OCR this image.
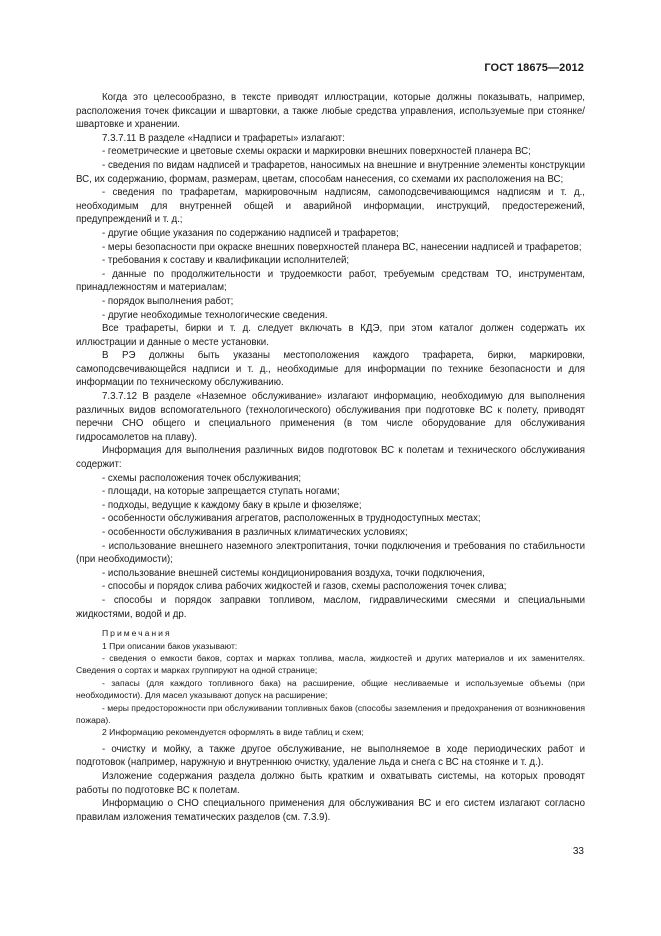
ГОСТ 18675—2012

Когда это целесообразно, в тексте приводят иллюстрации, которые должны показывать, например, расположения точек фиксации и швартовки, а также любые средства управления, используемые при стоянке/швартовке и хранении.

7.3.7.11 В разделе «Надписи и трафареты» излагают:

- геометрические и цветовые схемы окраски и маркировки внешних поверхностей планера ВС;

- сведения по видам надписей и трафаретов, наносимых на внешние и внутренние элементы конструкции ВС, их содержанию, формам, размерам, цветам, способам нанесения, со схемами их расположения на ВС;

- сведения по трафаретам, маркировочным надписям, самоподсвечивающимся надписям и т. д., необходимым для внутренней общей и аварийной информации, инструкций, предостережений, предупреждений и т. д.;

- другие общие указания по содержанию надписей и трафаретов;

- меры безопасности при окраске внешних поверхностей планера ВС, нанесении надписей и трафаретов;

- требования к составу и квалификации исполнителей;

- данные по продолжительности и трудоемкости работ, требуемым средствам ТО, инструментам, принадлежностям и материалам;

- порядок выполнения работ;

- другие необходимые технологические сведения.

Все трафареты, бирки и т. д. следует включать в КДЭ, при этом каталог должен содержать их иллюстрации и данные о месте установки.

В РЭ должны быть указаны местоположения каждого трафарета, бирки, маркировки, самоподсвечивающейся надписи и т. д., необходимые для информации по технике безопасности и для информации по техническому обслуживанию.

7.3.7.12 В разделе «Наземное обслуживание» излагают информацию, необходимую для выполнения различных видов вспомогательного (технологического) обслуживания при подготовке ВС к полету, приводят перечни СНО общего и специального применения (в том числе оборудование для обслуживания гидросамолетов на плаву).

Информация для выполнения различных видов подготовок ВС к полетам и технического обслуживания содержит:

- схемы расположения точек обслуживания;

- площади, на которые запрещается ступать ногами;

- подходы, ведущие к каждому баку в крыле и фюзеляже;

- особенности обслуживания агрегатов, расположенных в труднодоступных местах;

- особенности обслуживания в различных климатических условиях;

- использование внешнего наземного электропитания, точки подключения и требования по стабильности (при необходимости);

- использование внешней системы кондиционирования воздуха, точки подключения,

- способы и порядок слива рабочих жидкостей и газов, схемы расположения точек слива;

- способы и порядок заправки топливом, маслом, гидравлическими смесями и специальными жидкостями, водой и др.

Примечания

1 При описании баков указывают:

- сведения о емкости баков, сортах и марках топлива, масла, жидкостей и других материалов и их заменителях. Сведения о сортах и марках группируют на одной странице;

- запасы (для каждого топливного бака) на расширение, общие несливаемые и используемые объемы (при необходимости). Для масел указывают допуск на расширение;

- меры предосторожности при обслуживании топливных баков (способы заземления и предохранения от возникновения пожара).

2 Информацию рекомендуется оформлять в виде таблиц и схем;

- очистку и мойку, а также другое обслуживание, не выполняемое в ходе периодических работ и подготовок (например, наружную и внутреннюю очистку, удаление льда и снега с ВС на стоянке и т. д.).

Изложение содержания раздела должно быть кратким и охватывать системы, на которых проводят работы по подготовке ВС к полетам.

Информацию о СНО специального применения для обслуживания ВС и его систем излагают согласно правилам изложения тематических разделов (см. 7.3.9).

33
